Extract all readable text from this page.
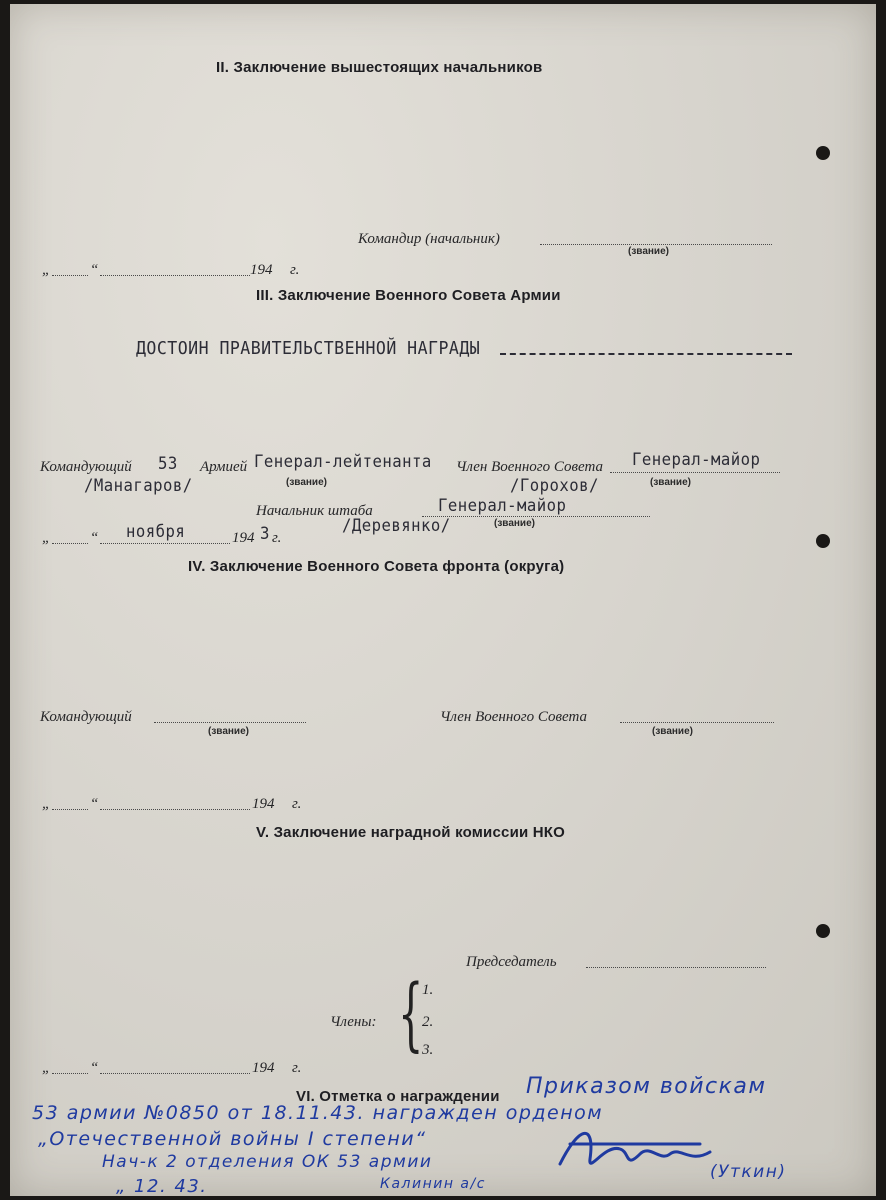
II. Заключение вышестоящих начальников
Командир (начальник)
(звание)
„	“	194 г.
III. Заключение Военного Совета Армии
ДОСТОИН ПРАВИТЕЛЬСТВЕННОЙ НАГРАДЫ
Командующий 53 Армией Генерал-лейтенанта
/Манагаров/	(звание)
Член Военного Совета Генерал-майор
/Горохов/	(звание)
Начальник штаба	Генерал-майор
/Деревянко/	(звание)
„	“ ноября	194 3 г.
IV. Заключение Военного Совета фронта (округа)
Командующий
(звание)
Член Военного Совета
(звание)
„	“	194 г.
V. Заключение наградной комиссии НКО
Председатель
Члены: {
1.
2.
3.
„	“	194 г.
VI. Отметка о награждении Приказом войскам
53 армии №0850 от 18.11.43. награжден орденом
„Отечественной войны I степени“
Нач-к 2 отделения ОК 53 армии
„ 12. 43.	Калинин а/с
(Уткин)
